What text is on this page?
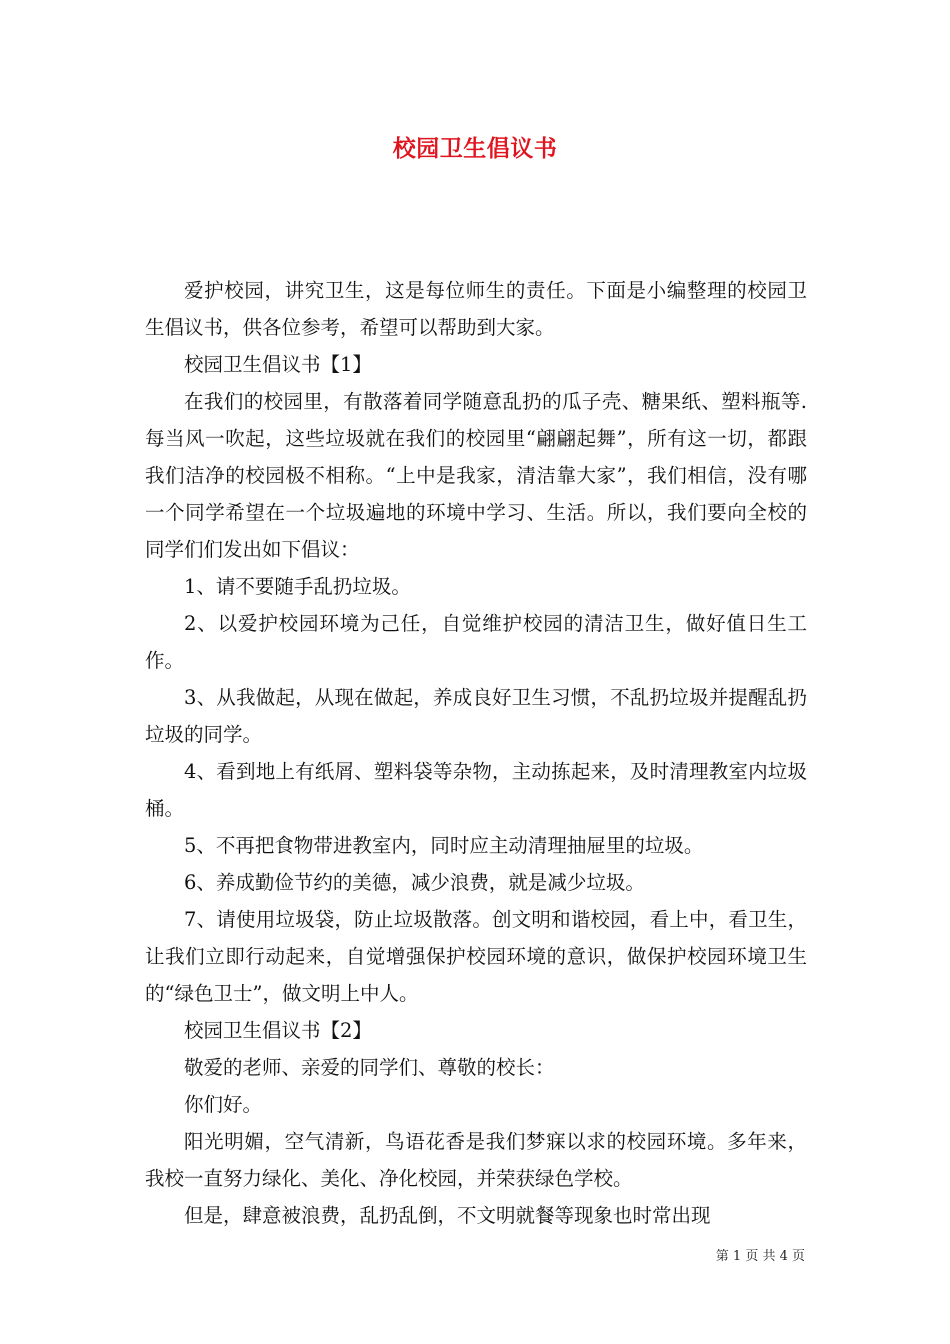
校园卫生倡议书

爱护校园，讲究卫生，这是每位师生的责任。下面是小编整理的校园卫生倡议书，供各位参考，希望可以帮助到大家。

校园卫生倡议书【1】

在我们的校园里，有散落着同学随意乱扔的瓜子壳、糖果纸、塑料瓶等.每当风一吹起，这些垃圾就在我们的校园里“翩翩起舞”，所有这一切，都跟我们洁净的校园极不相称。“上中是我家，清洁靠大家”，我们相信，没有哪一个同学希望在一个垃圾遍地的环境中学习、生活。所以，我们要向全校的同学们们发出如下倡议：

1、请不要随手乱扔垃圾。

2、以爱护校园环境为己任，自觉维护校园的清洁卫生，做好值日生工作。

3、从我做起，从现在做起，养成良好卫生习惯，不乱扔垃圾并提醒乱扔垃圾的同学。

4、看到地上有纸屑、塑料袋等杂物，主动拣起来，及时清理教室内垃圾桶。

5、不再把食物带进教室内，同时应主动清理抽屉里的垃圾。

6、养成勤俭节约的美德，减少浪费，就是减少垃圾。

7、请使用垃圾袋，防止垃圾散落。创文明和谐校园，看上中，看卫生，让我们立即行动起来，自觉增强保护校园环境的意识，做保护校园环境卫生的“绿色卫士”，做文明上中人。

校园卫生倡议书【2】

敬爱的老师、亲爱的同学们、尊敬的校长：

你们好。

阳光明媚，空气清新，鸟语花香是我们梦寐以求的校园环境。多年来，我校一直努力绿化、美化、净化校园，并荣获绿色学校。

但是，肆意被浪费，乱扔乱倒，不文明就餐等现象也时常出现

第 1 页 共 4 页
